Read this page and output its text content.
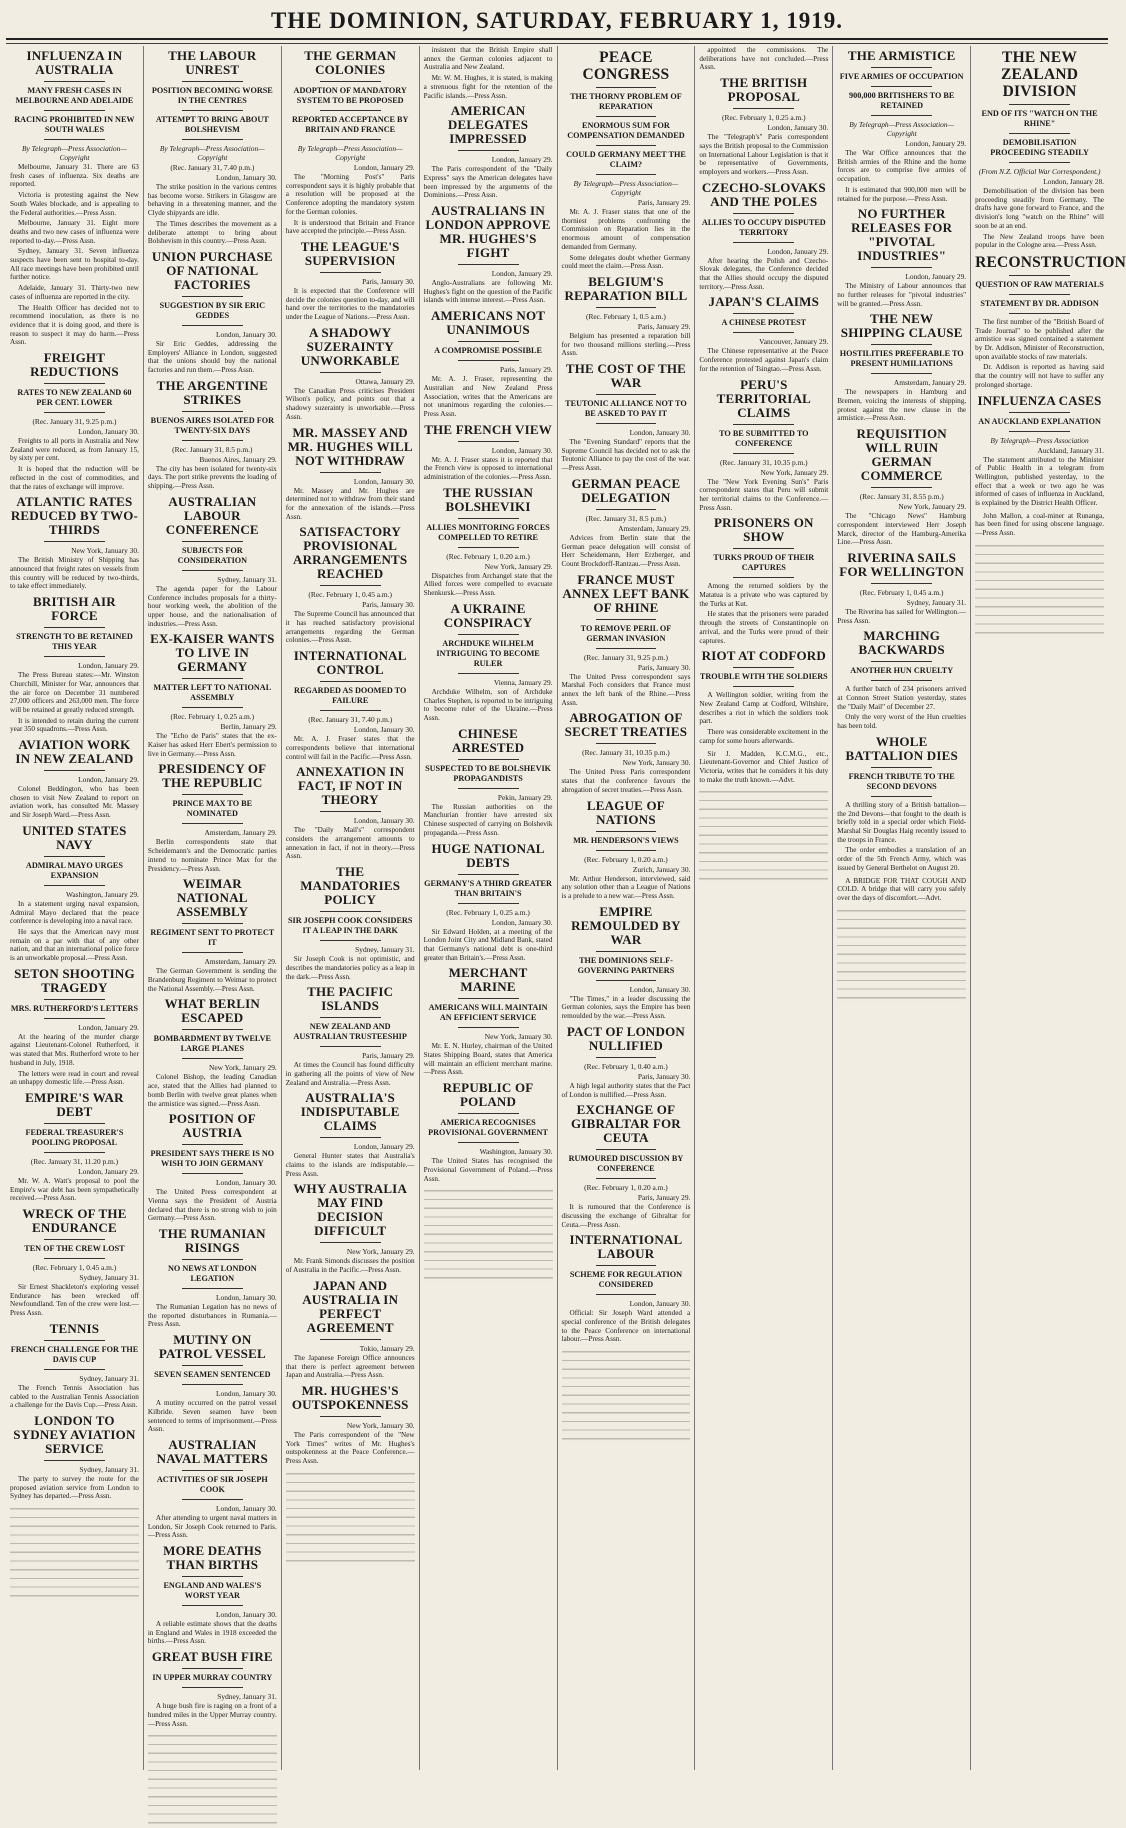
THE DOMINION, SATURDAY, FEBRUARY 1, 1919.
INFLUENZA IN AUSTRALIA
MANY FRESH CASES IN MELBOURNE AND ADELAIDE
RACING PROHIBITED IN NEW SOUTH WALES
By Telegraph—Press Association—Copyright

Melbourne, January 31. There are 63 fresh cases of influenza. Six deaths are reported.

Victoria is protesting against the New South Wales blockade, and is appealing to the Federal authorities.—Press Assn.

Melbourne, January 31. Eight more deaths and two new cases of influenza were reported to-day.—Press Assn.

Sydney, January 31. Seven influenza suspects have been sent to hospital to-day. All race meetings have been prohibited until further notice.

Adelaide, January 31. Thirty-two new cases of influenza are reported in the city.

The Health Officer has decided not to recommend inoculation, as there is no evidence that it is doing good, and there is reason to suspect it may do harm.—Press Assn.

FREIGHT REDUCTIONS
RATES TO NEW ZEALAND 60 PER CENT. LOWER
(Rec. January 31, 9.25 p.m.)
London, January 30.

Freights to all ports in Australia and New Zealand were reduced, as from January 15, by sixty per cent.

It is hoped that the reduction will be reflected in the cost of commodities, and that the rates of exchange will improve.

ATLANTIC RATES REDUCED BY TWO-THIRDS
New York, January 30.

The British Ministry of Shipping has announced that freight rates on vessels from this country will be reduced by two-thirds, to take effect immediately.

BRITISH AIR FORCE
STRENGTH TO BE RETAINED THIS YEAR
London, January 29.

The Press Bureau states:—Mr. Winston Churchill, Minister for War, announces that the air force on December 31 numbered 27,000 officers and 263,000 men. The force will be retained at greatly reduced strength.

It is intended to retain during the current year 350 squadrons.—Press Assn.

AVIATION WORK IN NEW ZEALAND
London, January 29.

Colonel Beddington, who has been chosen to visit New Zealand to report on aviation work, has consulted Mr. Massey and Sir Joseph Ward.—Press Assn.

UNITED STATES NAVY
ADMIRAL MAYO URGES EXPANSION
Washington, January 29.

In a statement urging naval expansion, Admiral Mayo declared that the peace conference is developing into a naval race.

He says that the American navy must remain on a par with that of any other nation, and that an international police force is an unworkable proposal.—Press Assn.

SETON SHOOTING TRAGEDY
MRS. RUTHERFORD'S LETTERS
London, January 29.

At the hearing of the murder charge against Lieutenant-Colonel Rutherford, it was stated that Mrs. Rutherford wrote to her husband in July, 1918.

The letters were read in court and reveal an unhappy domestic life.—Press Assn.

EMPIRE'S WAR DEBT
FEDERAL TREASURER'S POOLING PROPOSAL
(Rec. January 31, 11.20 p.m.)
London, January 29.

Mr. W. A. Watt's proposal to pool the Empire's war debt has been sympathetically received.—Press Assn.

WRECK OF THE ENDURANCE
TEN OF THE CREW LOST
(Rec. February 1, 0.45 a.m.)
Sydney, January 31.

Sir Ernest Shackleton's exploring vessel Endurance has been wrecked off Newfoundland. Ten of the crew were lost.—Press Assn.

TENNIS
FRENCH CHALLENGE FOR THE DAVIS CUP
Sydney, January 31.

The French Tennis Association has cabled to the Australian Tennis Association a challenge for the Davis Cup.—Press Assn.

LONDON TO SYDNEY AVIATION SERVICE
Sydney, January 31.

The party to survey the route for the proposed aviation service from London to Sydney has departed.—Press Assn.

THE LABOUR UNREST
POSITION BECOMING WORSE IN THE CENTRES
ATTEMPT TO BRING ABOUT BOLSHEVISM
By Telegraph—Press Association—Copyright
(Rec. January 31, 7.40 p.m.)
London, January 30.

The strike position in the various centres has become worse. Strikers in Glasgow are behaving in a threatening manner, and the Clyde shipyards are idle.

The Times describes the movement as a deliberate attempt to bring about Bolshevism in this country.—Press Assn.

UNION PURCHASE OF NATIONAL FACTORIES
SUGGESTION BY SIR ERIC GEDDES
London, January 30.

Sir Eric Geddes, addressing the Employers' Alliance in London, suggested that the unions should buy the national factories and run them.—Press Assn.

THE ARGENTINE STRIKES
BUENOS AIRES ISOLATED FOR TWENTY-SIX DAYS
(Rec. January 31, 8.5 p.m.)
Buenos Aires, January 29.

The city has been isolated for twenty-six days. The port strike prevents the loading of shipping.—Press Assn.

AUSTRALIAN LABOUR CONFERENCE
SUBJECTS FOR CONSIDERATION
Sydney, January 31.

The agenda paper for the Labour Conference includes proposals for a thirty-hour working week, the abolition of the upper house, and the nationalisation of industries.—Press Assn.

EX-KAISER WANTS TO LIVE IN GERMANY
MATTER LEFT TO NATIONAL ASSEMBLY
(Rec. February 1, 0.25 a.m.)
Berlin, January 29.

The "Echo de Paris" states that the ex-Kaiser has asked Herr Ebert's permission to live in Germany.—Press Assn.

PRESIDENCY OF THE REPUBLIC
PRINCE MAX TO BE NOMINATED
Amsterdam, January 29.

Berlin correspondents state that Scheidemann's and the Democratic parties intend to nominate Prince Max for the Presidency.—Press Assn.

WEIMAR NATIONAL ASSEMBLY
REGIMENT SENT TO PROTECT IT
Amsterdam, January 29.

The German Government is sending the Brandenburg Regiment to Weimar to protect the National Assembly.—Press Assn.

WHAT BERLIN ESCAPED
BOMBARDMENT BY TWELVE LARGE PLANES
New York, January 29.

Colonel Bishop, the leading Canadian ace, stated that the Allies had planned to bomb Berlin with twelve great planes when the armistice was signed.—Press Assn.

POSITION OF AUSTRIA
PRESIDENT SAYS THERE IS NO WISH TO JOIN GERMANY
London, January 30.

The United Press correspondent at Vienna says the President of Austria declared that there is no strong wish to join Germany.—Press Assn.

THE RUMANIAN RISINGS
NO NEWS AT LONDON LEGATION
London, January 30.

The Rumanian Legation has no news of the reported disturbances in Rumania.—Press Assn.

MUTINY ON PATROL VESSEL
SEVEN SEAMEN SENTENCED
London, January 30.

A mutiny occurred on the patrol vessel Kilbride. Seven seamen have been sentenced to terms of imprisonment.—Press Assn.

AUSTRALIAN NAVAL MATTERS
ACTIVITIES OF SIR JOSEPH COOK
London, January 30.

After attending to urgent naval matters in London, Sir Joseph Cook returned to Paris.—Press Assn.

MORE DEATHS THAN BIRTHS
ENGLAND AND WALES'S WORST YEAR
London, January 30.

A reliable estimate shows that the deaths in England and Wales in 1918 exceeded the births.—Press Assn.

GREAT BUSH FIRE
IN UPPER MURRAY COUNTRY
Sydney, January 31.

A huge bush fire is raging on a front of a hundred miles in the Upper Murray country.—Press Assn.

THE GERMAN COLONIES
ADOPTION OF MANDATORY SYSTEM TO BE PROPOSED
REPORTED ACCEPTANCE BY BRITAIN AND FRANCE
By Telegraph—Press Association—Copyright
London, January 29.

The "Morning Post's" Paris correspondent says it is highly probable that a resolution will be proposed at the Conference adopting the mandatory system for the German colonies.

It is understood that Britain and France have accepted the principle.—Press Assn.

THE LEAGUE'S SUPERVISION
Paris, January 30.

It is expected that the Conference will decide the colonies question to-day, and will hand over the territories to the mandatories under the League of Nations.—Press Assn.

A SHADOWY SUZERAINTY UNWORKABLE
Ottawa, January 29.

The Canadian Press criticises President Wilson's policy, and points out that a shadowy suzerainty is unworkable.—Press Assn.

MR. MASSEY AND MR. HUGHES WILL NOT WITHDRAW
London, January 30.

Mr. Massey and Mr. Hughes are determined not to withdraw from their stand for the annexation of the islands.—Press Assn.

SATISFACTORY PROVISIONAL ARRANGEMENTS REACHED
(Rec. February 1, 0.45 a.m.)
Paris, January 30.

The Supreme Council has announced that it has reached satisfactory provisional arrangements regarding the German colonies.—Press Assn.

INTERNATIONAL CONTROL
REGARDED AS DOOMED TO FAILURE
(Rec. January 31, 7.40 p.m.)
London, January 30.

Mr. A. J. Fraser states that the correspondents believe that international control will fail in the Pacific.—Press Assn.

ANNEXATION IN FACT, IF NOT IN THEORY
London, January 30.

The "Daily Mail's" correspondent considers the arrangement amounts to annexation in fact, if not in theory.—Press Assn.

THE MANDATORIES POLICY
SIR JOSEPH COOK CONSIDERS IT A LEAP IN THE DARK
Sydney, January 31.

Sir Joseph Cook is not optimistic, and describes the mandatories policy as a leap in the dark.—Press Assn.

THE PACIFIC ISLANDS
NEW ZEALAND AND AUSTRALIAN TRUSTEESHIP
Paris, January 29.

At times the Council has found difficulty in gathering all the points of view of New Zealand and Australia.—Press Assn.

AUSTRALIA'S INDISPUTABLE CLAIMS
London, January 29.

General Hunter states that Australia's claims to the islands are indisputable.—Press Assn.

WHY AUSTRALIA MAY FIND DECISION DIFFICULT
New York, January 29.

Mr. Frank Simonds discusses the position of Australia in the Pacific.—Press Assn.

JAPAN AND AUSTRALIA IN PERFECT AGREEMENT
Tokio, January 29.

The Japanese Foreign Office announces that there is perfect agreement between Japan and Australia.—Press Assn.

MR. HUGHES'S OUTSPOKENNESS
New York, January 30.

The Paris correspondent of the "New York Times" writes of Mr. Hughes's outspokenness at the Peace Conference.—Press Assn.

insistent that the British Empire shall annex the German colonies adjacent to Australia and New Zealand.

Mr. W. M. Hughes, it is stated, is making a strenuous fight for the retention of the Pacific islands.—Press Assn.

AMERICAN DELEGATES IMPRESSED
London, January 29.

The Paris correspondent of the "Daily Express" says the American delegates have been impressed by the arguments of the Dominions.—Press Assn.

AUSTRALIANS IN LONDON APPROVE MR. HUGHES'S FIGHT
London, January 29.

Anglo-Australians are following Mr. Hughes's fight on the question of the Pacific islands with intense interest.—Press Assn.

AMERICANS NOT UNANIMOUS
A COMPROMISE POSSIBLE
Paris, January 29.

Mr. A. J. Fraser, representing the Australian and New Zealand Press Association, writes that the Americans are not unanimous regarding the colonies.—Press Assn.

THE FRENCH VIEW
London, January 30.

Mr. A. J. Fraser states it is reported that the French view is opposed to international administration of the colonies.—Press Assn.

THE RUSSIAN BOLSHEVIKI
ALLIES MONITORING FORCES COMPELLED TO RETIRE
(Rec. February 1, 0.20 a.m.)
New York, January 29.

Dispatches from Archangel state that the Allied forces were compelled to evacuate Shenkursk.—Press Assn.

A UKRAINE CONSPIRACY
ARCHDUKE WILHELM INTRIGUING TO BECOME RULER
Vienna, January 29.

Archduke Wilhelm, son of Archduke Charles Stephen, is reported to be intriguing to become ruler of the Ukraine.—Press Assn.

CHINESE ARRESTED
SUSPECTED TO BE BOLSHEVIK PROPAGANDISTS
Pekin, January 29.

The Russian authorities on the Manchurian frontier have arrested six Chinese suspected of carrying on Bolshevik propaganda.—Press Assn.

HUGE NATIONAL DEBTS
GERMANY'S A THIRD GREATER THAN BRITAIN'S
(Rec. February 1, 0.25 a.m.)
London, January 30.

Sir Edward Holden, at a meeting of the London Joint City and Midland Bank, stated that Germany's national debt is one-third greater than Britain's.—Press Assn.

MERCHANT MARINE
AMERICANS WILL MAINTAIN AN EFFICIENT SERVICE
New York, January 30.

Mr. E. N. Hurley, chairman of the United States Shipping Board, states that America will maintain an efficient merchant marine.—Press Assn.

REPUBLIC OF POLAND
AMERICA RECOGNISES PROVISIONAL GOVERNMENT
Washington, January 30.

The United States has recognised the Provisional Government of Poland.—Press Assn.

PEACE CONGRESS
THE THORNY PROBLEM OF REPARATION
ENORMOUS SUM FOR COMPENSATION DEMANDED
COULD GERMANY MEET THE CLAIM?
By Telegraph—Press Association—Copyright
Paris, January 29.

Mr. A. J. Fraser states that one of the thorniest problems confronting the Commission on Reparation lies in the enormous amount of compensation demanded from Germany.

Some delegates doubt whether Germany could meet the claim.—Press Assn.

BELGIUM'S REPARATION BILL
(Rec. February 1, 0.5 a.m.)
Paris, January 29.

Belgium has presented a reparation bill for two thousand millions sterling.—Press Assn.

THE COST OF THE WAR
TEUTONIC ALLIANCE NOT TO BE ASKED TO PAY IT
London, January 30.

The "Evening Standard" reports that the Supreme Council has decided not to ask the Teutonic Alliance to pay the cost of the war.—Press Assn.

GERMAN PEACE DELEGATION
(Rec. January 31, 8.5 p.m.)
Amsterdam, January 29.

Advices from Berlin state that the German peace delegation will consist of Herr Scheidemann, Herr Erzberger, and Count Brockdorff-Rantzau.—Press Assn.

FRANCE MUST ANNEX LEFT BANK OF RHINE
TO REMOVE PERIL OF GERMAN INVASION
(Rec. January 31, 9.25 p.m.)
Paris, January 30.

The United Press correspondent says Marshal Foch considers that France must annex the left bank of the Rhine.—Press Assn.

ABROGATION OF SECRET TREATIES
(Rec. January 31, 10.35 p.m.)
New York, January 30.

The United Press Paris correspondent states that the conference favours the abrogation of secret treaties.—Press Assn.

LEAGUE OF NATIONS
MR. HENDERSON'S VIEWS
(Rec. February 1, 0.20 a.m.)
Zurich, January 30.

Mr. Arthur Henderson, interviewed, said any solution other than a League of Nations is a prelude to a new war.—Press Assn.

EMPIRE REMOULDED BY WAR
THE DOMINIONS SELF-GOVERNING PARTNERS
London, January 30.

"The Times," in a leader discussing the German colonies, says the Empire has been remoulded by the war.—Press Assn.

PACT OF LONDON NULLIFIED
(Rec. February 1, 0.40 a.m.)
Paris, January 30.

A high legal authority states that the Pact of London is nullified.—Press Assn.

EXCHANGE OF GIBRALTAR FOR CEUTA
RUMOURED DISCUSSION BY CONFERENCE
(Rec. February 1, 0.20 a.m.)
Paris, January 29.

It is rumoured that the Conference is discussing the exchange of Gibraltar for Ceuta.—Press Assn.

INTERNATIONAL LABOUR
SCHEME FOR REGULATION CONSIDERED
London, January 30.

Official: Sir Joseph Ward attended a special conference of the British delegates to the Peace Conference on international labour.—Press Assn.

appointed the commissions. The deliberations have not concluded.—Press Assn.

THE BRITISH PROPOSAL
(Rec. February 1, 0.25 a.m.)
London, January 30.

The "Telegraph's" Paris correspondent says the British proposal to the Commission on International Labour Legislation is that it be representative of Governments, employers and workers.—Press Assn.

CZECHO-SLOVAKS AND THE POLES
ALLIES TO OCCUPY DISPUTED TERRITORY
London, January 29.

After hearing the Polish and Czecho-Slovak delegates, the Conference decided that the Allies should occupy the disputed territory.—Press Assn.

JAPAN'S CLAIMS
A CHINESE PROTEST
Vancouver, January 29.

The Chinese representative at the Peace Conference protested against Japan's claim for the retention of Tsingtao.—Press Assn.

PERU'S TERRITORIAL CLAIMS
TO BE SUBMITTED TO CONFERENCE
(Rec. January 31, 10.35 p.m.)
New York, January 29.

The "New York Evening Sun's" Paris correspondent states that Peru will submit her territorial claims to the Conference.—Press Assn.

PRISONERS ON SHOW
TURKS PROUD OF THEIR CAPTURES

Among the returned soldiers by the Matatua is a private who was captured by the Turks at Kut.

He states that the prisoners were paraded through the streets of Constantinople on arrival, and the Turks were proud of their captures.

RIOT AT CODFORD
TROUBLE WITH THE SOLDIERS

A Wellington soldier, writing from the New Zealand Camp at Codford, Wiltshire, describes a riot in which the soldiers took part.

There was considerable excitement in the camp for some hours afterwards.

Sir J. Madden, K.C.M.G., etc., Lieutenant-Governor and Chief Justice of Victoria, writes that he considers it his duty to make the truth known.—Advt.

THE ARMISTICE
FIVE ARMIES OF OCCUPATION
900,000 BRITISHERS TO BE RETAINED
By Telegraph—Press Association—Copyright
London, January 29.

The War Office announces that the British armies of the Rhine and the home forces are to comprise five armies of occupation.

It is estimated that 900,000 men will be retained for the purpose.—Press Assn.

NO FURTHER RELEASES FOR "PIVOTAL INDUSTRIES"
London, January 29.

The Ministry of Labour announces that no further releases for "pivotal industries" will be granted.—Press Assn.

THE NEW SHIPPING CLAUSE
HOSTILITIES PREFERABLE TO PRESENT HUMILIATIONS
Amsterdam, January 29.

The newspapers in Hamburg and Bremen, voicing the interests of shipping, protest against the new clause in the armistice.—Press Assn.

REQUISITION WILL RUIN GERMAN COMMERCE
(Rec. January 31, 8.55 p.m.)
New York, January 29.

The "Chicago News" Hamburg correspondent interviewed Herr Joseph Marck, director of the Hamburg-Amerika Line.—Press Assn.

RIVERINA SAILS FOR WELLINGTON
(Rec. February 1, 0.45 a.m.)
Sydney, January 31.

The Riverina has sailed for Wellington.—Press Assn.

MARCHING BACKWARDS
ANOTHER HUN CRUELTY

A further batch of 234 prisoners arrived at Connon Street Station yesterday, states the "Daily Mail" of December 27.

Only the very worst of the Hun cruelties has been told.

WHOLE BATTALION DIES
FRENCH TRIBUTE TO THE SECOND DEVONS

A thrilling story of a British battalion—the 2nd Devons—that fought to the death is briefly told in a special order which Field-Marshal Sir Douglas Haig recently issued to the troops in France.

The order embodies a translation of an order of the 5th French Army, which was issued by General Berthelot on August 20.

A BRIDGE FOR THAT COUGH AND COLD. A bridge that will carry you safely over the days of discomfort.—Advt.

THE NEW ZEALAND DIVISION
END OF ITS "WATCH ON THE RHINE"
DEMOBILISATION PROCEEDING STEADILY
(From N.Z. Official War Correspondent.)
London, January 28.

Demobilisation of the division has been proceeding steadily from Germany. The drafts have gone forward to France, and the division's long "watch on the Rhine" will soon be at an end.

The New Zealand troops have been popular in the Cologne area.—Press Assn.

RECONSTRUCTION
QUESTION OF RAW MATERIALS
STATEMENT BY DR. ADDISON

The first number of the "British Board of Trade Journal" to be published after the armistice was signed contained a statement by Dr. Addison, Minister of Reconstruction, upon available stocks of raw materials.

Dr. Addison is reported as having said that the country will not have to suffer any prolonged shortage.

INFLUENZA CASES
AN AUCKLAND EXPLANATION
By Telegraph—Press Association
Auckland, January 31.

The statement attributed to the Minister of Public Health in a telegram from Wellington, published yesterday, to the effect that a week or two ago he was informed of cases of influenza in Auckland, is explained by the District Health Officer.

John Mallon, a coal-miner at Runanga, has been fined for using obscene language.—Press Assn.
